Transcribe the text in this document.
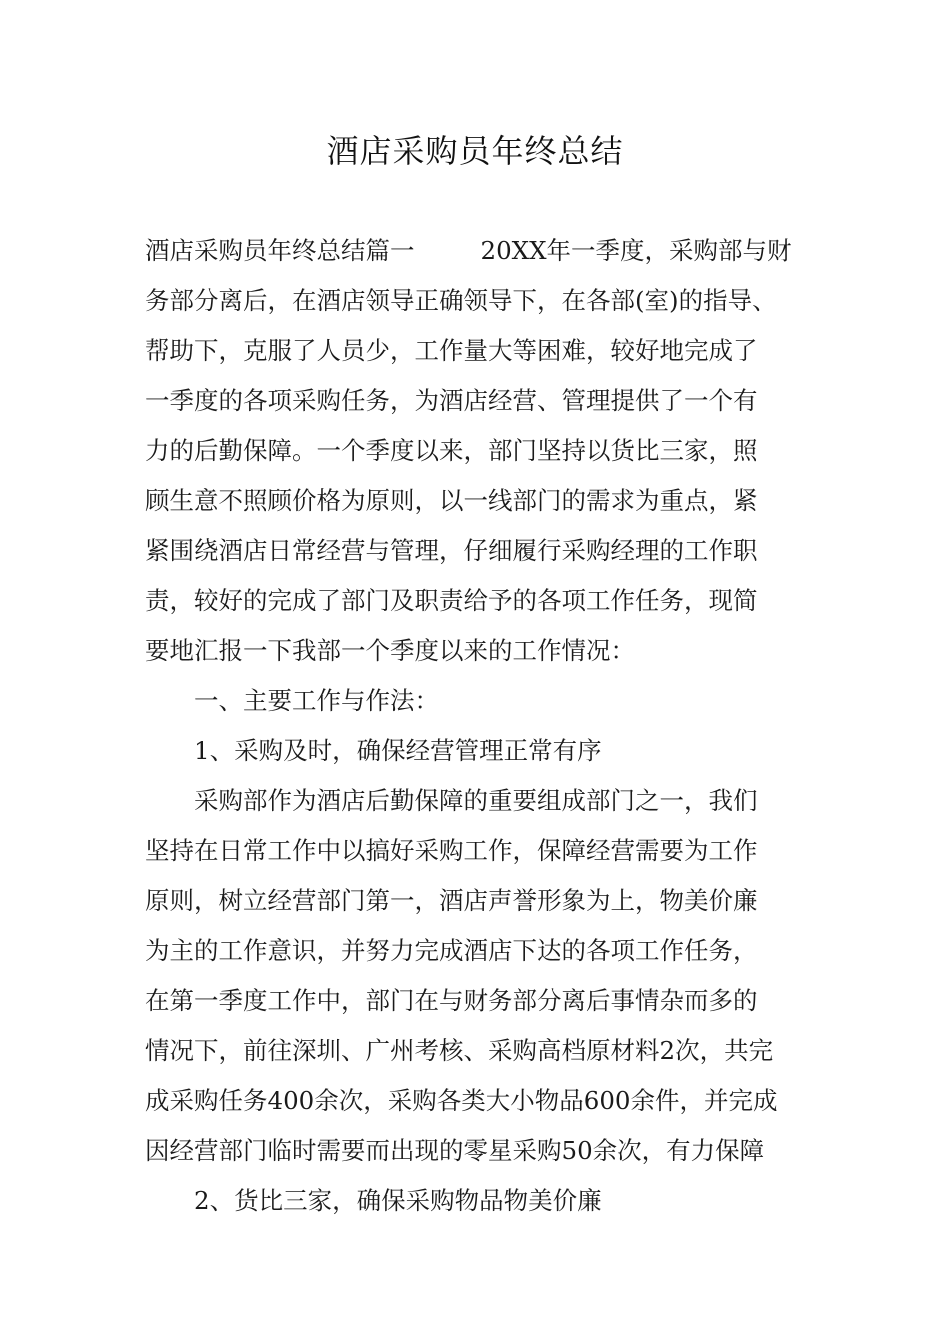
酒店采购员年终总结
酒店采购员年终总结篇一	20XX年一季度，采购部与财
务部分离后，在酒店领导正确领导下，在各部(室)的指导、
帮助下，克服了人员少，工作量大等困难，较好地完成了
一季度的各项采购任务，为酒店经营、管理提供了一个有
力的后勤保障。一个季度以来，部门坚持以货比三家，照
顾生意不照顾价格为原则，以一线部门的需求为重点，紧
紧围绕酒店日常经营与管理，仔细履行采购经理的工作职
责，较好的完成了部门及职责给予的各项工作任务，现简
要地汇报一下我部一个季度以来的工作情况：
一、主要工作与作法：
1、采购及时，确保经营管理正常有序
采购部作为酒店后勤保障的重要组成部门之一，我们
坚持在日常工作中以搞好采购工作，保障经营需要为工作
原则，树立经营部门第一，酒店声誉形象为上，物美价廉
为主的工作意识，并努力完成酒店下达的各项工作任务，
在第一季度工作中，部门在与财务部分离后事情杂而多的
情况下，前往深圳、广州考核、采购高档原材料2次，共完
成采购任务400余次，采购各类大小物品600余件，并完成
因经营部门临时需要而出现的零星采购50余次，有力保障
2、货比三家，确保采购物品物美价廉
